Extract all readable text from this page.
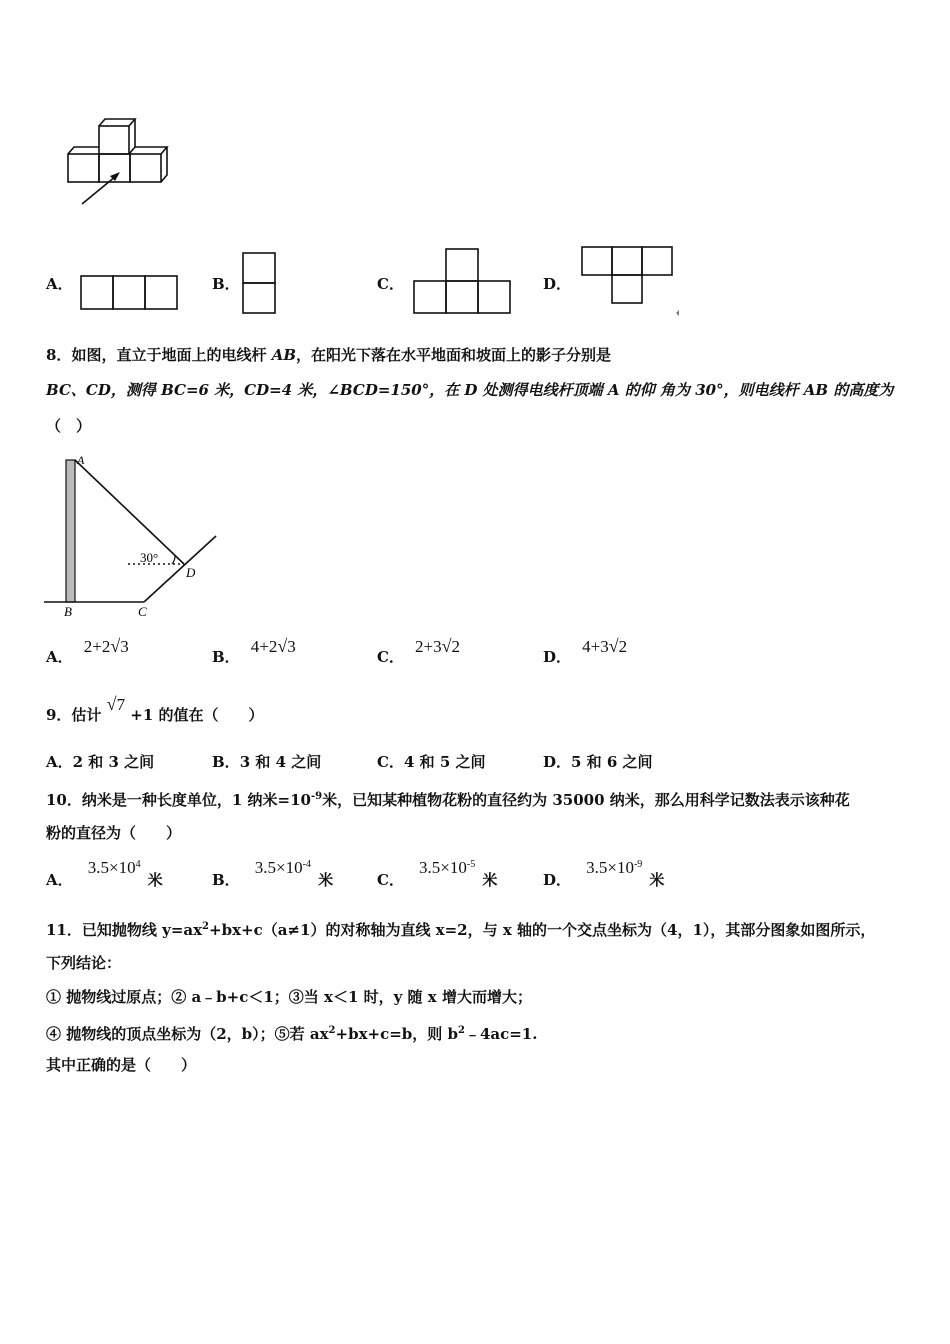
A．	B．	C．	D．
8．如图，直立于地面上的电线杆 AB，在阳光下落在水平地面和坡面上的影子分别是
BC、CD，测得 BC=6 米，CD=4 米，∠BCD=150°，在 D 处测得电线杆顶端 A 的仰 角为 30°，则电线杆 AB 的高度为
（　）
A
B	C
D
30°
A． 2+2√3
B． 4+2√3
C． 2+3√2
D． 4+3√2
9．估计 √7 +1 的值在（　　）
A．2 和 3 之间	B．3 和 4 之间	C．4 和 5 之间	D．5 和 6 之间
10．纳米是一种长度单位，1 纳米$=10^{-9}$米，已知某种植物花粉的直径约为 35000 纳米，那么用科学记数法表示该种花
粉的直径为（　　）
A． $3.5\times 10^4$ 米	B． $3.5\times 10^{-4}$ 米	C． $3.5\times 10^{-5}$ 米	D． $3.5\times 10^{-9}$ 米
11．已知抛物线 $y=ax^2+bx+c(a\ne 1)$的对称轴为直线 x=2，与 x 轴的一个交点坐标为（4，1），其部分图象如图所示，
下列结论：
① 抛物线过原点；② a﹣b+c＜1；③当 x＜1 时，y 随 x 增大而增大；
④ 抛物线的顶点坐标为（2，b）；⑤若 $ax^2+bx+c=b$，则 $b^2﹣4ac=1$.
其中正确的是（　　）
